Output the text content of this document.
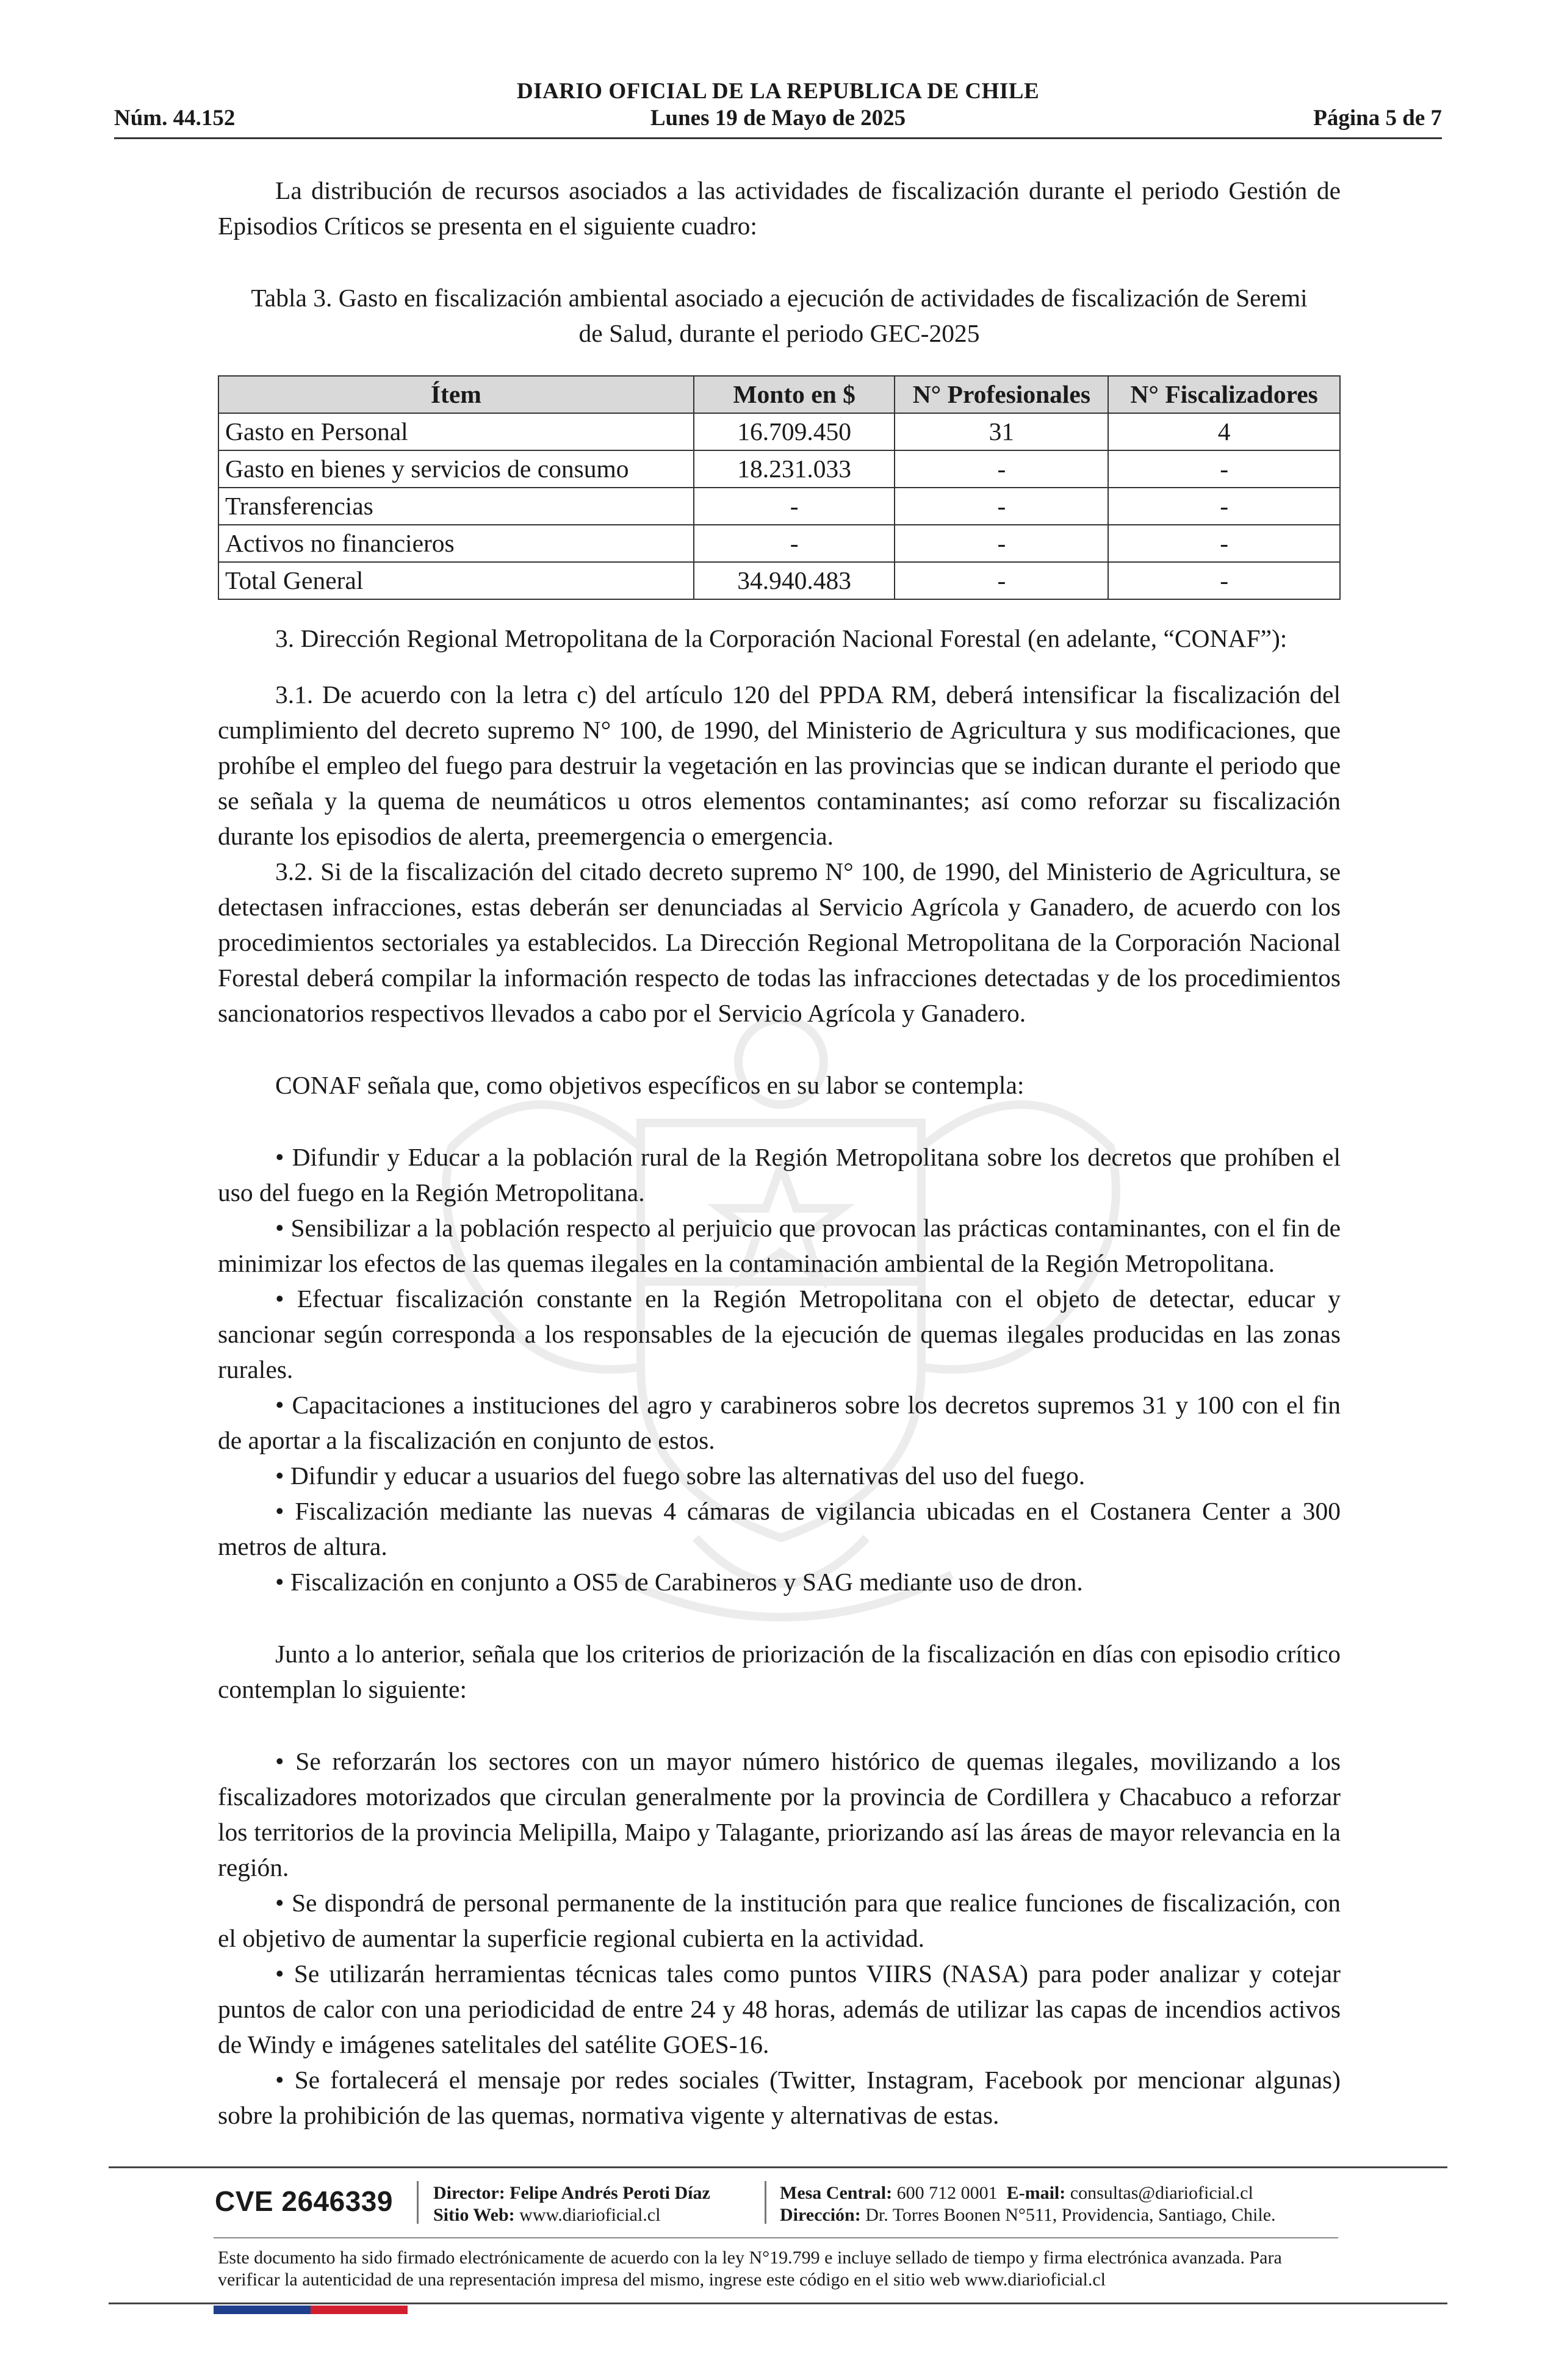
DIARIO OFICIAL DE LA REPUBLICA DE CHILE
Núm. 44.152	Lunes 19 de Mayo de 2025	Página 5 de 7

La distribución de recursos asociados a las actividades de fiscalización durante el periodo Gestión de Episodios Críticos se presenta en el siguiente cuadro:

Tabla 3. Gasto en fiscalización ambiental asociado a ejecución de actividades de fiscalización de Seremi
de Salud, durante el periodo GEC-2025

Ítem	Monto en $	N° Profesionales	N° Fiscalizadores
Gasto en Personal	16.709.450	31	4
Gasto en bienes y servicios de consumo	18.231.033	-	-
Transferencias	-	-	-
Activos no financieros	-	-	-
Total General	34.940.483	-	-

3. Dirección Regional Metropolitana de la Corporación Nacional Forestal (en adelante, “CONAF”):

3.1. De acuerdo con la letra c) del artículo 120 del PPDA RM, deberá intensificar la fiscalización del cumplimiento del decreto supremo N° 100, de 1990, del Ministerio de Agricultura y sus modificaciones, que prohíbe el empleo del fuego para destruir la vegetación en las provincias que se indican durante el periodo que se señala y la quema de neumáticos u otros elementos contaminantes; así como reforzar su fiscalización durante los episodios de alerta, preemergencia o emergencia.

3.2. Si de la fiscalización del citado decreto supremo N° 100, de 1990, del Ministerio de Agricultura, se detectasen infracciones, estas deberán ser denunciadas al Servicio Agrícola y Ganadero, de acuerdo con los procedimientos sectoriales ya establecidos. La Dirección Regional Metropolitana de la Corporación Nacional Forestal deberá compilar la información respecto de todas las infracciones detectadas y de los procedimientos sancionatorios respectivos llevados a cabo por el Servicio Agrícola y Ganadero.

CONAF señala que, como objetivos específicos en su labor se contempla:

• Difundir y Educar a la población rural de la Región Metropolitana sobre los decretos que prohíben el uso del fuego en la Región Metropolitana.

• Sensibilizar a la población respecto al perjuicio que provocan las prácticas contaminantes, con el fin de minimizar los efectos de las quemas ilegales en la contaminación ambiental de la Región Metropolitana.

• Efectuar fiscalización constante en la Región Metropolitana con el objeto de detectar, educar y sancionar según corresponda a los responsables de la ejecución de quemas ilegales producidas en las zonas rurales.

• Capacitaciones a instituciones del agro y carabineros sobre los decretos supremos 31 y 100 con el fin de aportar a la fiscalización en conjunto de estos.

• Difundir y educar a usuarios del fuego sobre las alternativas del uso del fuego.

• Fiscalización mediante las nuevas 4 cámaras de vigilancia ubicadas en el Costanera Center a 300 metros de altura.

• Fiscalización en conjunto a OS5 de Carabineros y SAG mediante uso de dron.

Junto a lo anterior, señala que los criterios de priorización de la fiscalización en días con episodio crítico contemplan lo siguiente:

• Se reforzarán los sectores con un mayor número histórico de quemas ilegales, movilizando a los fiscalizadores motorizados que circulan generalmente por la provincia de Cordillera y Chacabuco a reforzar los territorios de la provincia Melipilla, Maipo y Talagante, priorizando así las áreas de mayor relevancia en la región.

• Se dispondrá de personal permanente de la institución para que realice funciones de fiscalización, con el objetivo de aumentar la superficie regional cubierta en la actividad.

• Se utilizarán herramientas técnicas tales como puntos VIIRS (NASA) para poder analizar y cotejar puntos de calor con una periodicidad de entre 24 y 48 horas, además de utilizar las capas de incendios activos de Windy e imágenes satelitales del satélite GOES-16.

• Se fortalecerá el mensaje por redes sociales (Twitter, Instagram, Facebook por mencionar algunas) sobre la prohibición de las quemas, normativa vigente y alternativas de estas.

CVE 2646339 Director: Felipe Andrés Peroti Díaz
Sitio Web: www.diarioficial.cl
Mesa Central: 600 712 0001 E-mail: consultas@diarioficial.cl
Dirección: Dr. Torres Boonen N°511, Providencia, Santiago, Chile.
Este documento ha sido firmado electrónicamente de acuerdo con la ley N°19.799 e incluye sellado de tiempo y firma electrónica avanzada. Para verificar la autenticidad de una representación impresa del mismo, ingrese este código en el sitio web www.diarioficial.cl
